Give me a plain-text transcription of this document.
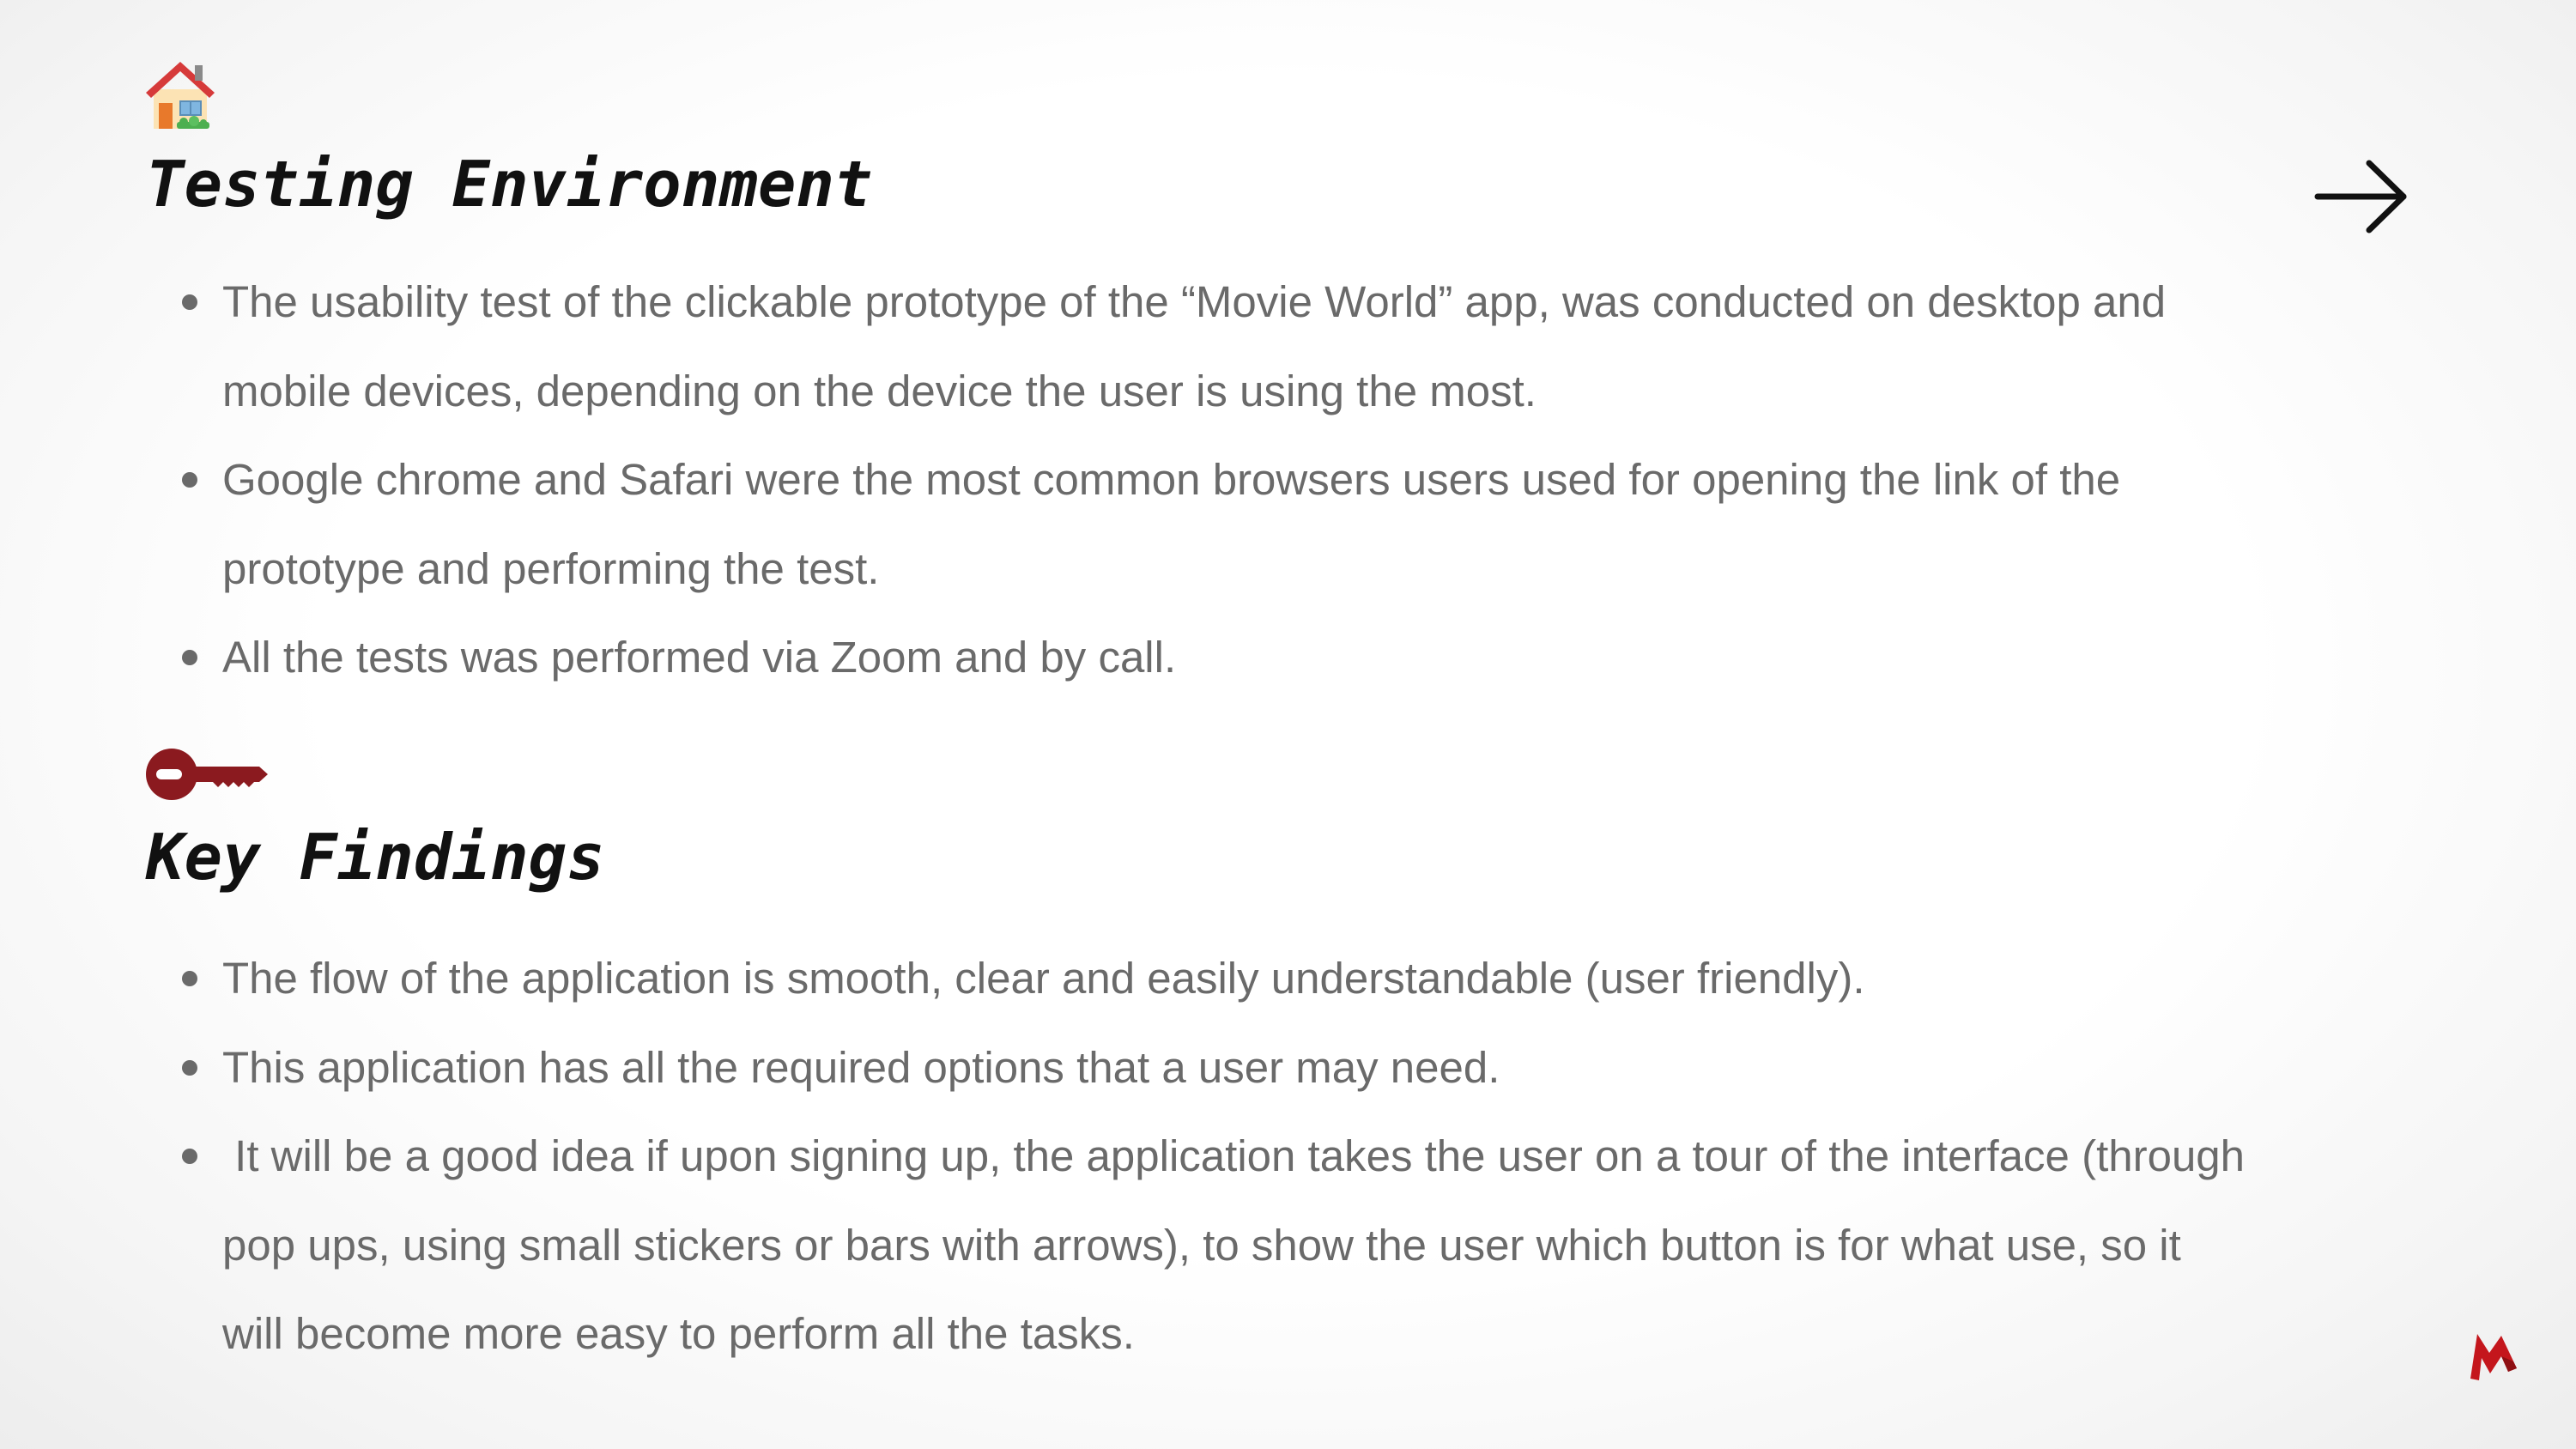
Testing Environment
The usability test of the clickable prototype of the “Movie World” app, was conducted on desktop and
mobile devices, depending on the device the user is using the most.
Google chrome and Safari were the most common browsers users used for opening the link of the
prototype and performing the test.
All the tests was performed via Zoom and by call.
Key Findings
The flow of the application is smooth, clear and easily understandable (user friendly).
This application has all the required options that a user may need.
It will be a good idea if upon signing up, the application takes the user on a tour of the interface (through
pop ups, using small stickers or bars with arrows), to show the user which button is for what use, so it
will become more easy to perform all the tasks.
